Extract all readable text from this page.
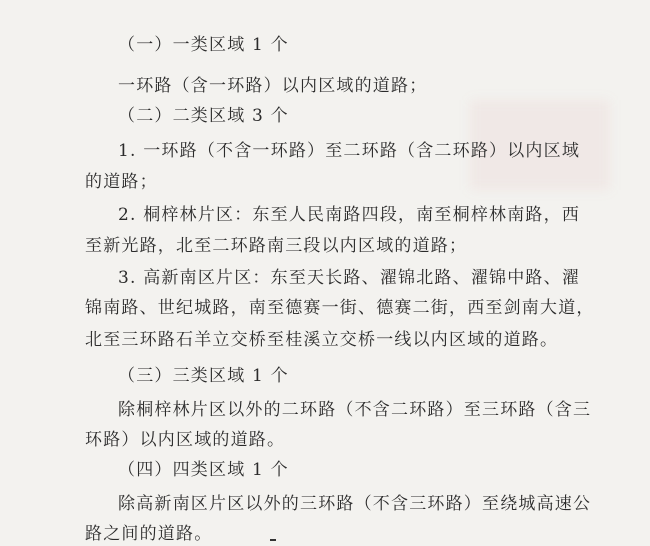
（一）一类区域 1 个
一环路（含一环路）以内区域的道路；
（二）二类区域 3 个
1. 一环路（不含一环路）至二环路（含二环路）以内区域
的道路；
2. 桐梓林片区：东至人民南路四段，南至桐梓林南路，西
至新光路，北至二环路南三段以内区域的道路；
3. 高新南区片区：东至天长路、濯锦北路、濯锦中路、濯
锦南路、世纪城路，南至德赛一街、德赛二街，西至剑南大道，
北至三环路石羊立交桥至桂溪立交桥一线以内区域的道路。
（三）三类区域 1 个
除桐梓林片区以外的二环路（不含二环路）至三环路（含三
环路）以内区域的道路。
（四）四类区域 1 个
除高新南区片区以外的三环路（不含三环路）至绕城高速公
路之间的道路。
